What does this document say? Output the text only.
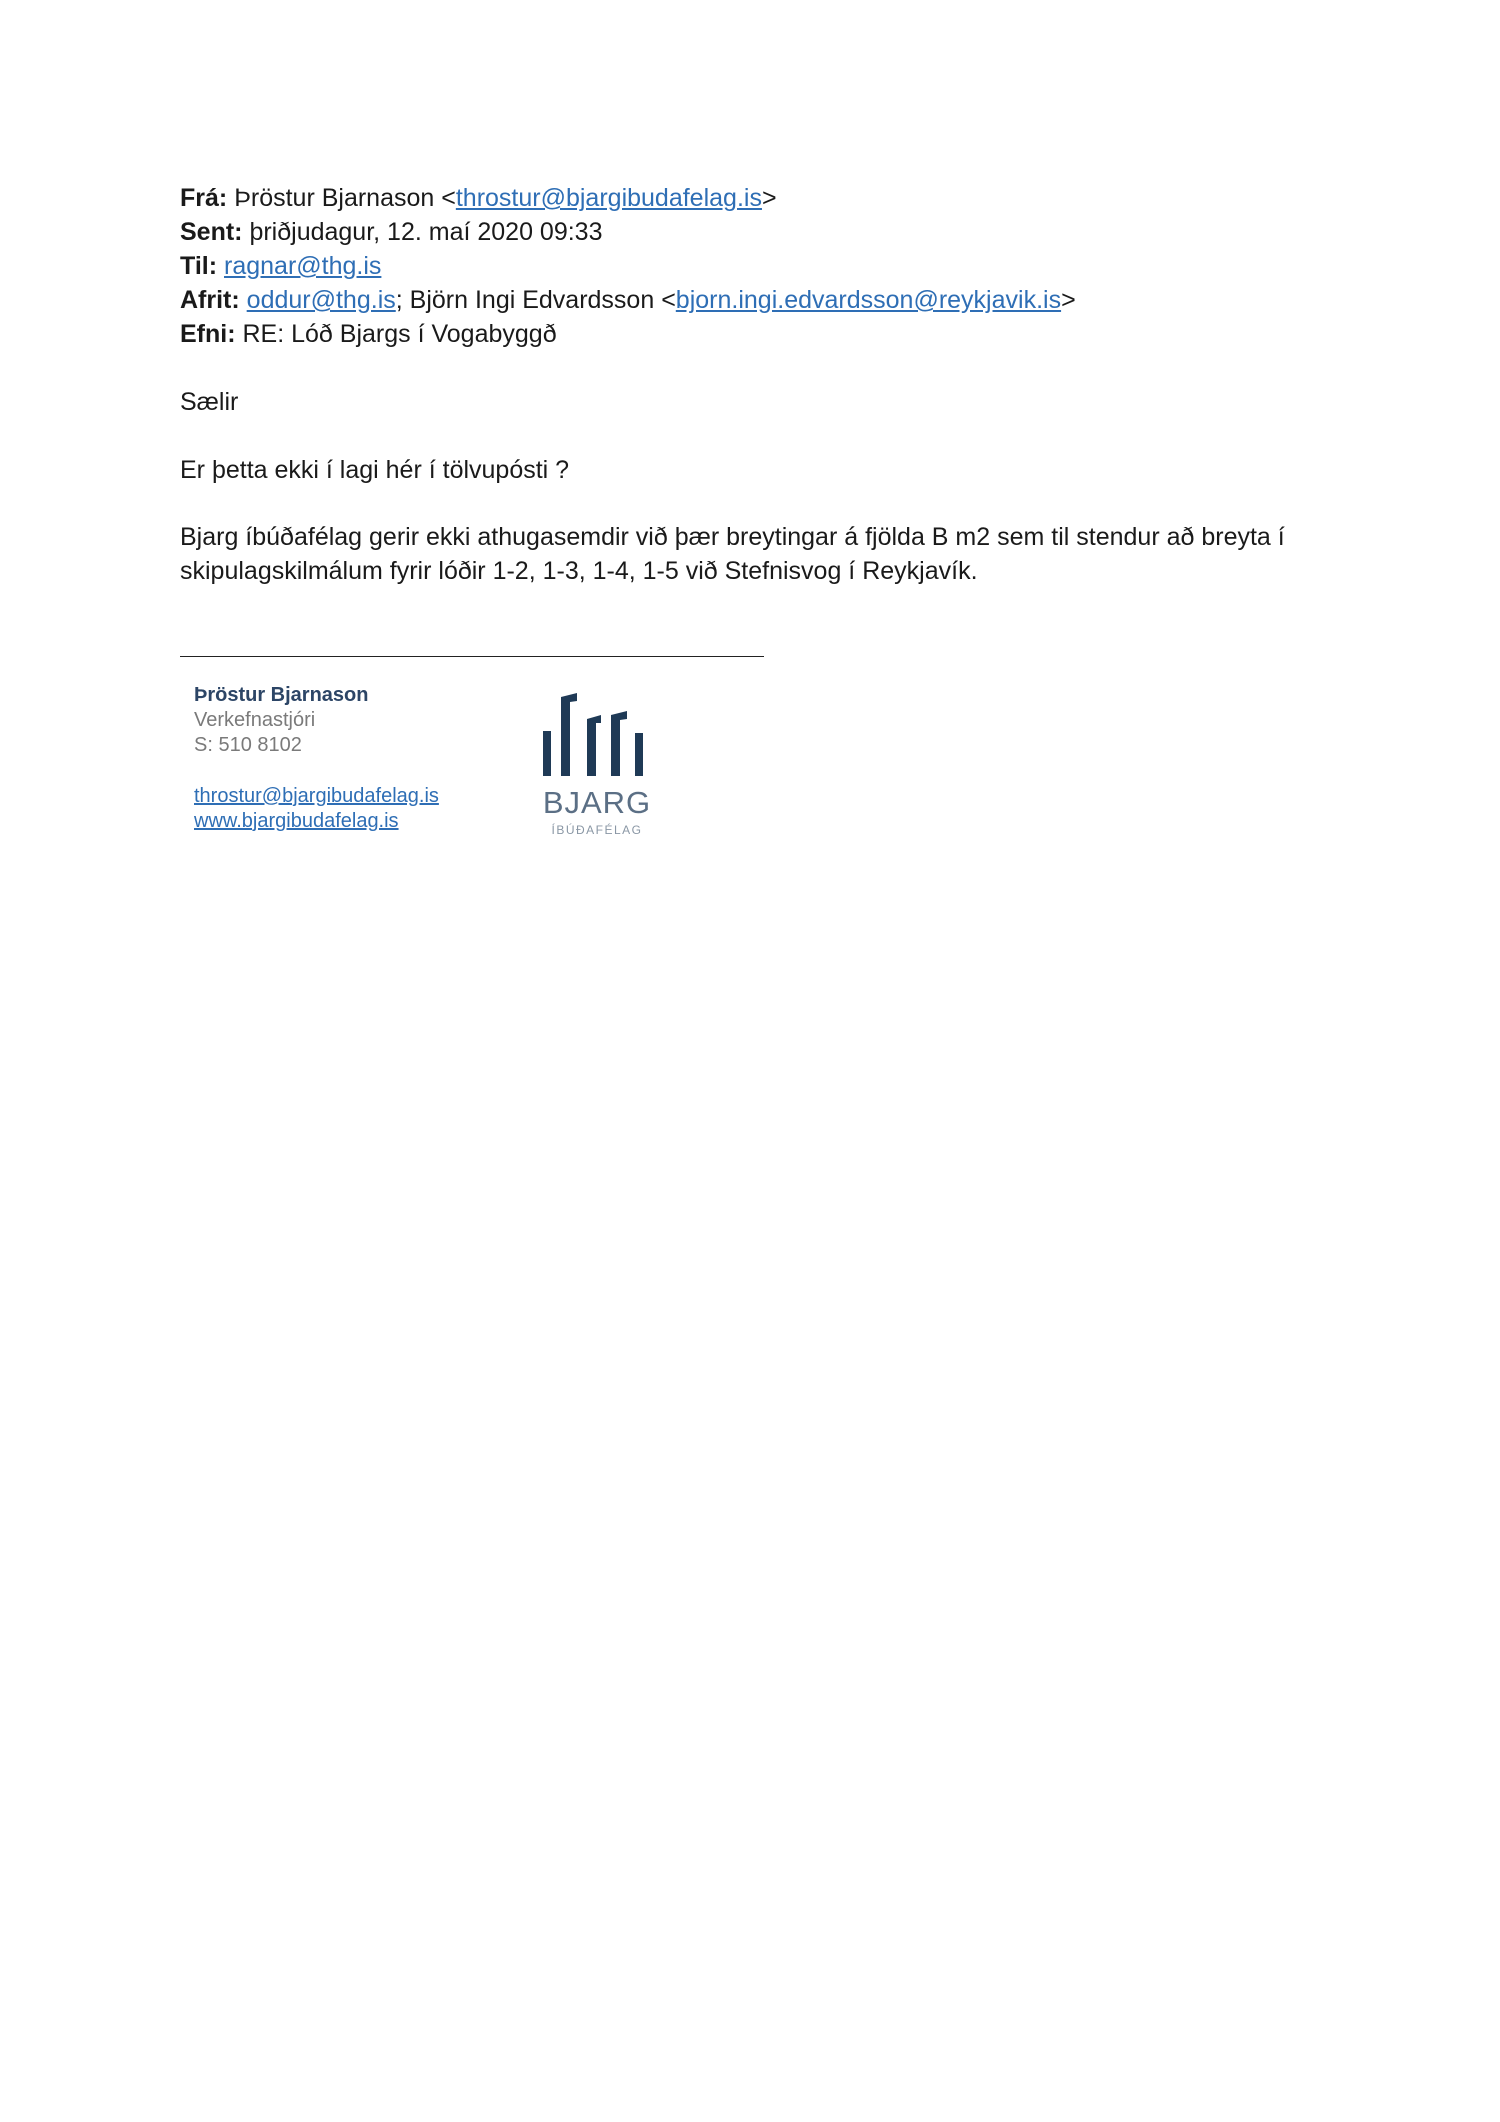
Frá: Þröstur Bjarnason <throstur@bjargibudafelag.is>
Sent: þriðjudagur, 12. maí 2020 09:33
Til: ragnar@thg.is
Afrit: oddur@thg.is; Björn Ingi Edvardsson <bjorn.ingi.edvardsson@reykjavik.is>
Efni: RE: Lóð Bjargs í Vogabyggð
Sælir
Er þetta ekki í lagi hér í tölvupósti ?
Bjarg íbúðafélag gerir ekki athugasemdir við þær breytingar á fjölda B m2 sem til stendur að breyta í skipulagskilmálum fyrir lóðir 1-2, 1-3, 1-4, 1-5 við Stefnisvog í Reykjavík.
Þröstur Bjarnason
Verkefnastjóri
S: 510 8102
throstur@bjargibudafelag.is
www.bjargibudafelag.is
BJARG
ÍBÚÐAFÉLAG
